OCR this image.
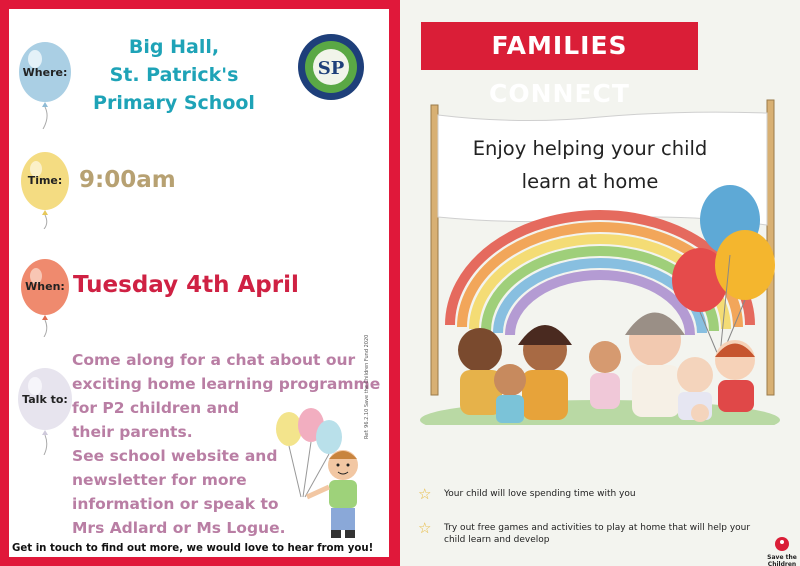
Where:
Big Hall,
St. Patrick's
Primary School
SP
Time: 9:00am
When: Tuesday 4th April
Talk to:
Come along for a chat about our
exciting home learning programme
for P2 children and
their parents.
See school website and
newsletter for more
information or speak to
Mrs Adlard or Ms Logue.
Ref: 96.2.10 Save the Children Fund 2020
Get in touch to find out more, we would love to hear from you!
FAMILIES CONNECT
Enjoy helping your child
learn at home
☆ Your child will love spending time with you
☆ Try out free games and activities to play at home that will help your
child learn and develop
Save the Children
